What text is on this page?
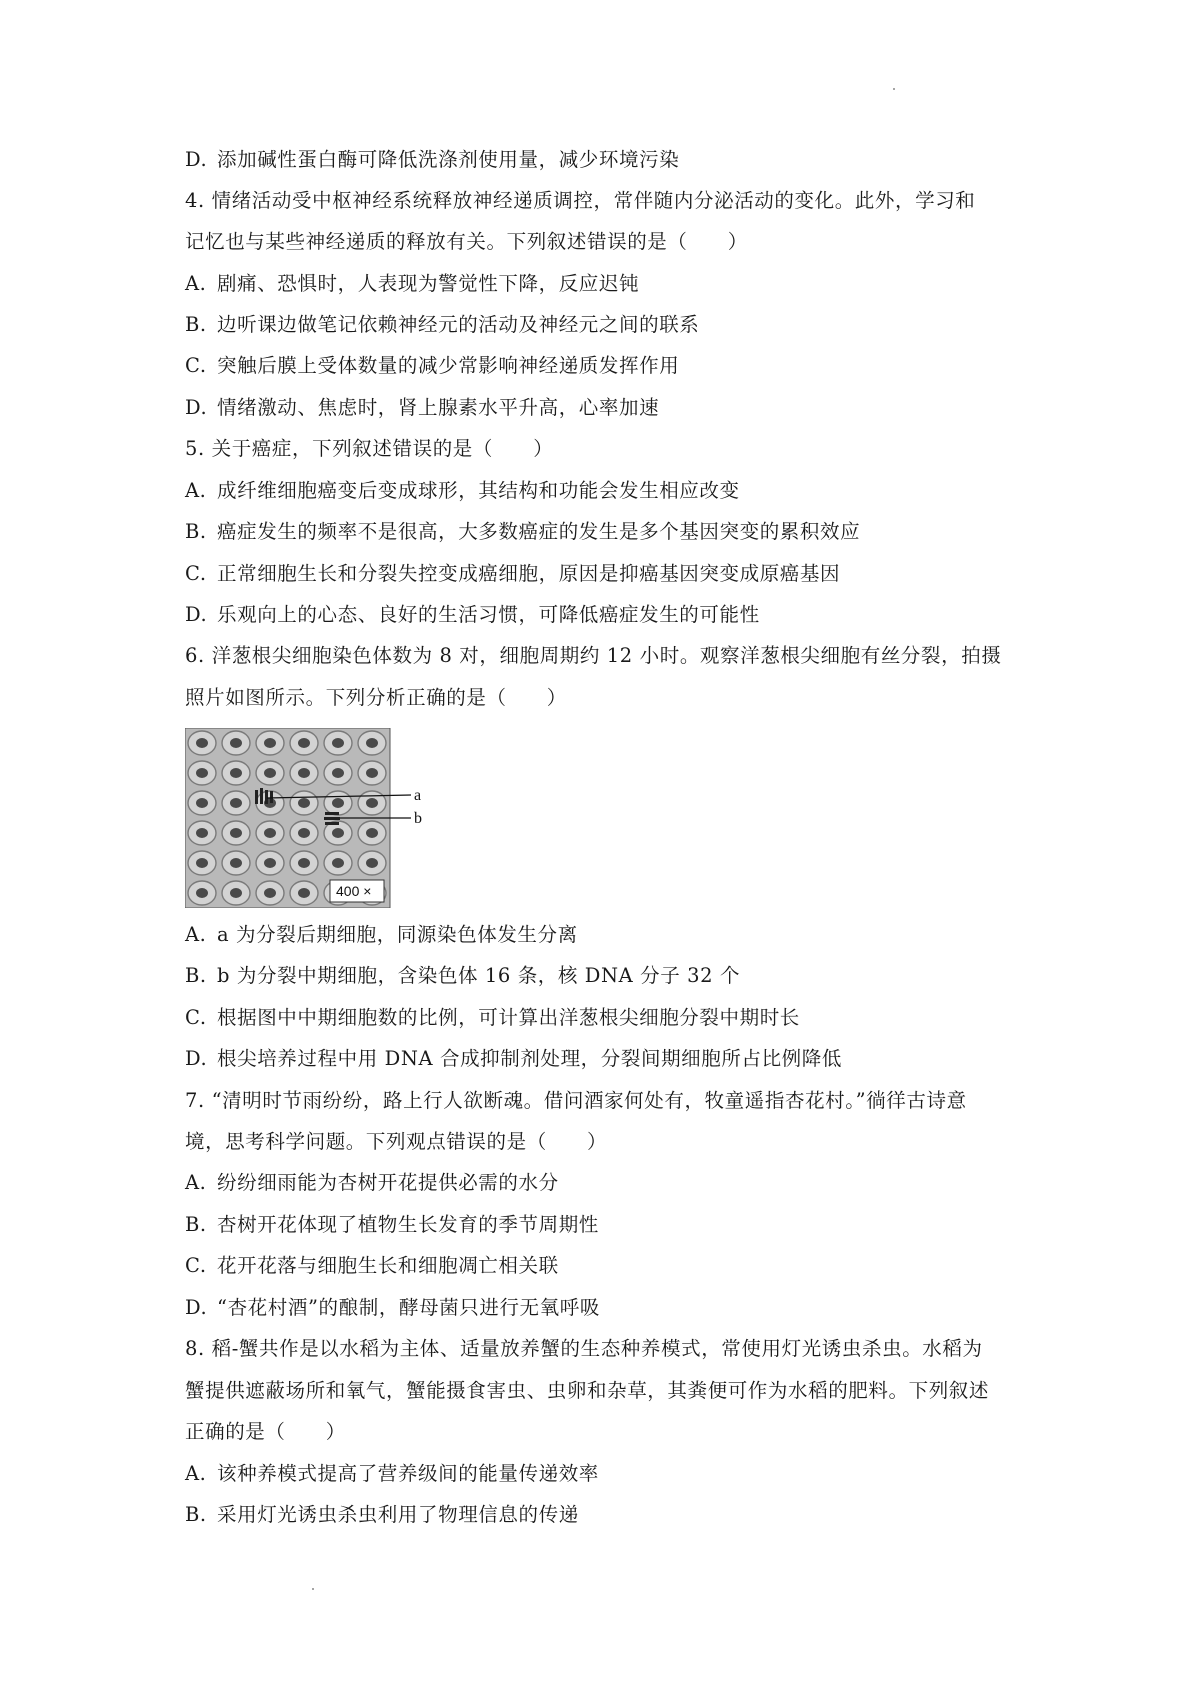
D. 添加碱性蛋白酶可降低洗涤剂使用量，减少环境污染
4. 情绪活动受中枢神经系统释放神经递质调控，常伴随内分泌活动的变化。此外，学习和
记忆也与某些神经递质的释放有关。下列叙述错误的是（　　）
A. 剧痛、恐惧时，人表现为警觉性下降，反应迟钝
B. 边听课边做笔记依赖神经元的活动及神经元之间的联系
C. 突触后膜上受体数量的减少常影响神经递质发挥作用
D. 情绪激动、焦虑时，肾上腺素水平升高，心率加速
5. 关于癌症，下列叙述错误的是（　　）
A. 成纤维细胞癌变后变成球形，其结构和功能会发生相应改变
B. 癌症发生的频率不是很高，大多数癌症的发生是多个基因突变的累积效应
C. 正常细胞生长和分裂失控变成癌细胞，原因是抑癌基因突变成原癌基因
D. 乐观向上的心态、良好的生活习惯，可降低癌症发生的可能性
6. 洋葱根尖细胞染色体数为 8 对，细胞周期约 12 小时。观察洋葱根尖细胞有丝分裂，拍摄
照片如图所示。下列分析正确的是（　　）
a
b
400 ×
A. a 为分裂后期细胞，同源染色体发生分离
B. b 为分裂中期细胞，含染色体 16 条，核 DNA 分子 32 个
C. 根据图中中期细胞数的比例，可计算出洋葱根尖细胞分裂中期时长
D. 根尖培养过程中用 DNA 合成抑制剂处理，分裂间期细胞所占比例降低
7. “清明时节雨纷纷，路上行人欲断魂。借问酒家何处有，牧童遥指杏花村。”徜徉古诗意
境，思考科学问题。下列观点错误的是（　　）
A. 纷纷细雨能为杏树开花提供必需的水分
B. 杏树开花体现了植物生长发育的季节周期性
C. 花开花落与细胞生长和细胞凋亡相关联
D. “杏花村酒”的酿制，酵母菌只进行无氧呼吸
8. 稻-蟹共作是以水稻为主体、适量放养蟹的生态种养模式，常使用灯光诱虫杀虫。水稻为
蟹提供遮蔽场所和氧气，蟹能摄食害虫、虫卵和杂草，其粪便可作为水稻的肥料。下列叙述
正确的是（　　）
A. 该种养模式提高了营养级间的能量传递效率
B. 采用灯光诱虫杀虫利用了物理信息的传递
